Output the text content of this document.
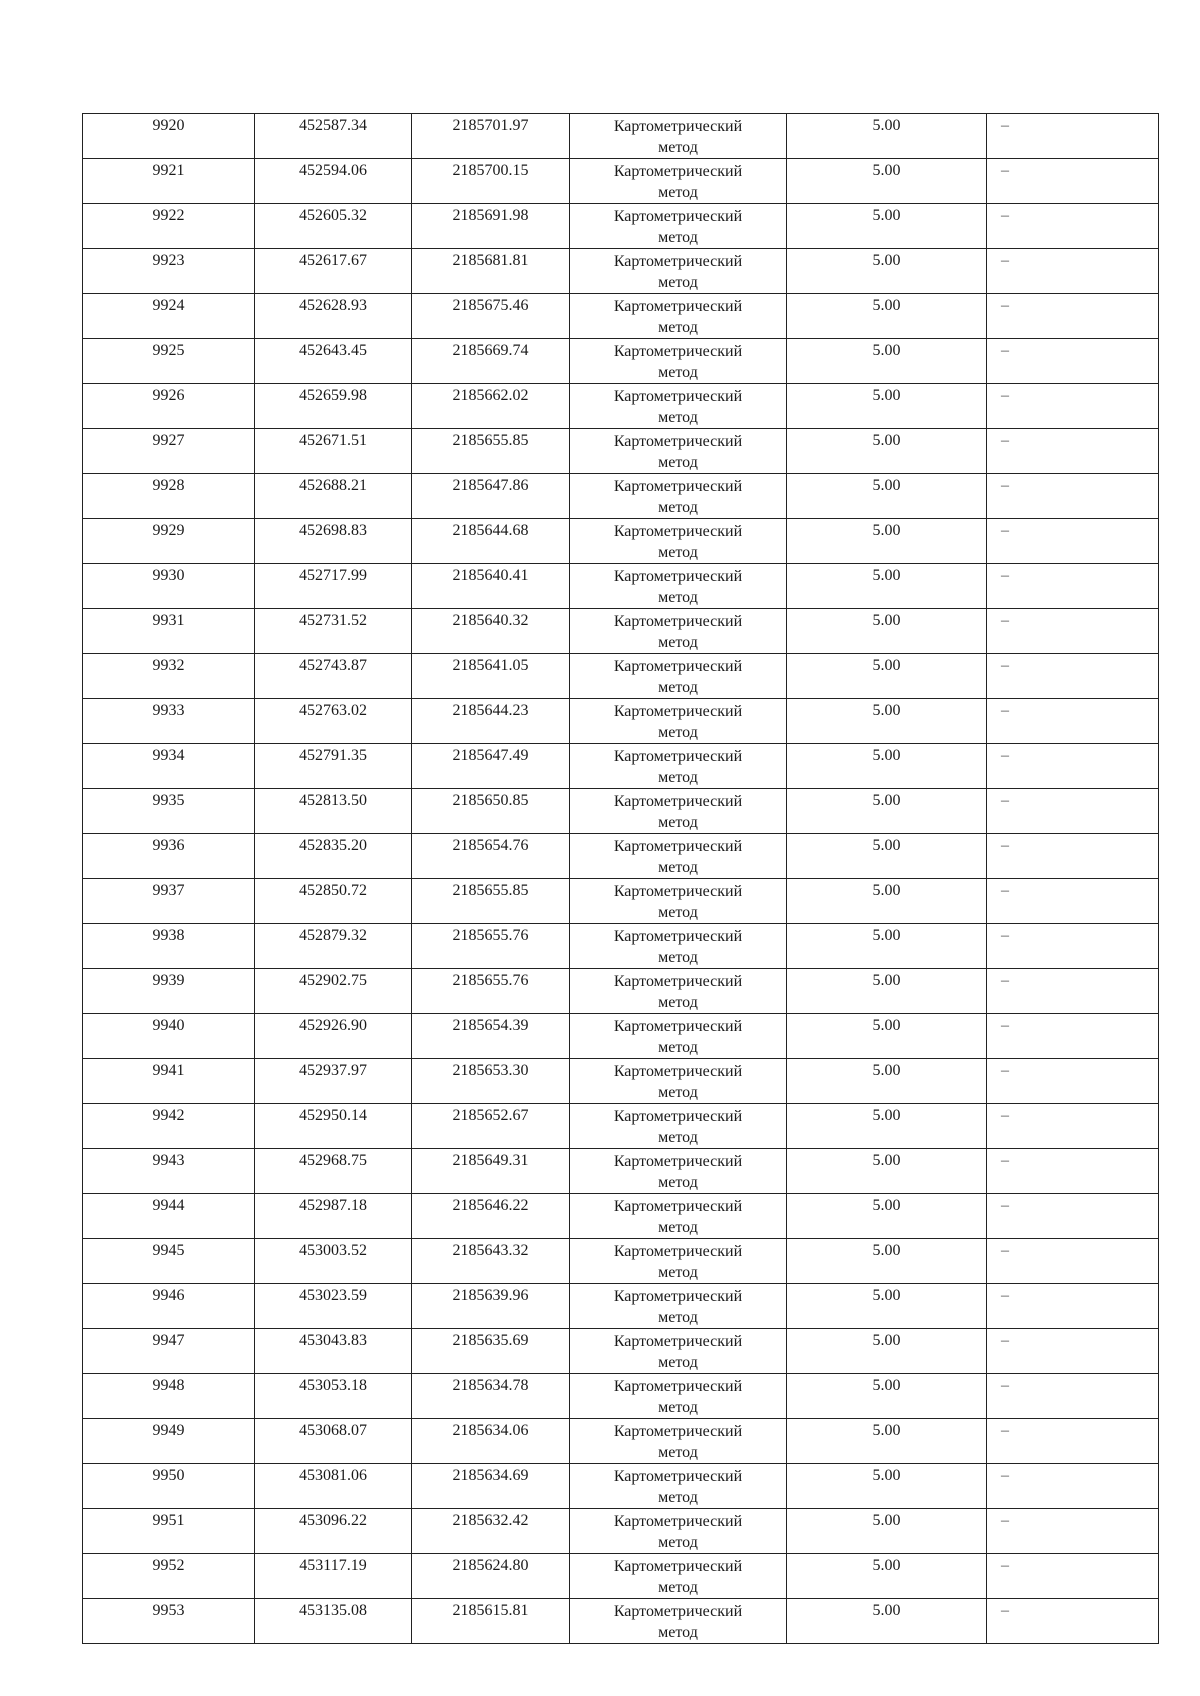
9920	452587.34	2185701.97	Картометрический
метод	5.00	–

9921	452594.06	2185700.15	Картометрический
метод	5.00	–

9922	452605.32	2185691.98	Картометрический
метод	5.00	–

9923	452617.67	2185681.81	Картометрический
метод	5.00	–

9924	452628.93	2185675.46	Картометрический
метод	5.00	–

9925	452643.45	2185669.74	Картометрический
метод	5.00	–

9926	452659.98	2185662.02	Картометрический
метод	5.00	–

9927	452671.51	2185655.85	Картометрический
метод	5.00	–

9928	452688.21	2185647.86	Картометрический
метод	5.00	–

9929	452698.83	2185644.68	Картометрический
метод	5.00	–

9930	452717.99	2185640.41	Картометрический
метод	5.00	–

9931	452731.52	2185640.32	Картометрический
метод	5.00	–

9932	452743.87	2185641.05	Картометрический
метод	5.00	–

9933	452763.02	2185644.23	Картометрический
метод	5.00	–

9934	452791.35	2185647.49	Картометрический
метод	5.00	–

9935	452813.50	2185650.85	Картометрический
метод	5.00	–

9936	452835.20	2185654.76	Картометрический
метод	5.00	–

9937	452850.72	2185655.85	Картометрический
метод	5.00	–

9938	452879.32	2185655.76	Картометрический
метод	5.00	–

9939	452902.75	2185655.76	Картометрический
метод	5.00	–

9940	452926.90	2185654.39	Картометрический
метод	5.00	–

9941	452937.97	2185653.30	Картометрический
метод	5.00	–

9942	452950.14	2185652.67	Картометрический
метод	5.00	–

9943	452968.75	2185649.31	Картометрический
метод	5.00	–

9944	452987.18	2185646.22	Картометрический
метод	5.00	–

9945	453003.52	2185643.32	Картометрический
метод	5.00	–

9946	453023.59	2185639.96	Картометрический
метод	5.00	–

9947	453043.83	2185635.69	Картометрический
метод	5.00	–

9948	453053.18	2185634.78	Картометрический
метод	5.00	–

9949	453068.07	2185634.06	Картометрический
метод	5.00	–

9950	453081.06	2185634.69	Картометрический
метод	5.00	–

9951	453096.22	2185632.42	Картометрический
метод	5.00	–

9952	453117.19	2185624.80	Картометрический
метод	5.00	–

9953	453135.08	2185615.81	Картометрический
метод	5.00	–
